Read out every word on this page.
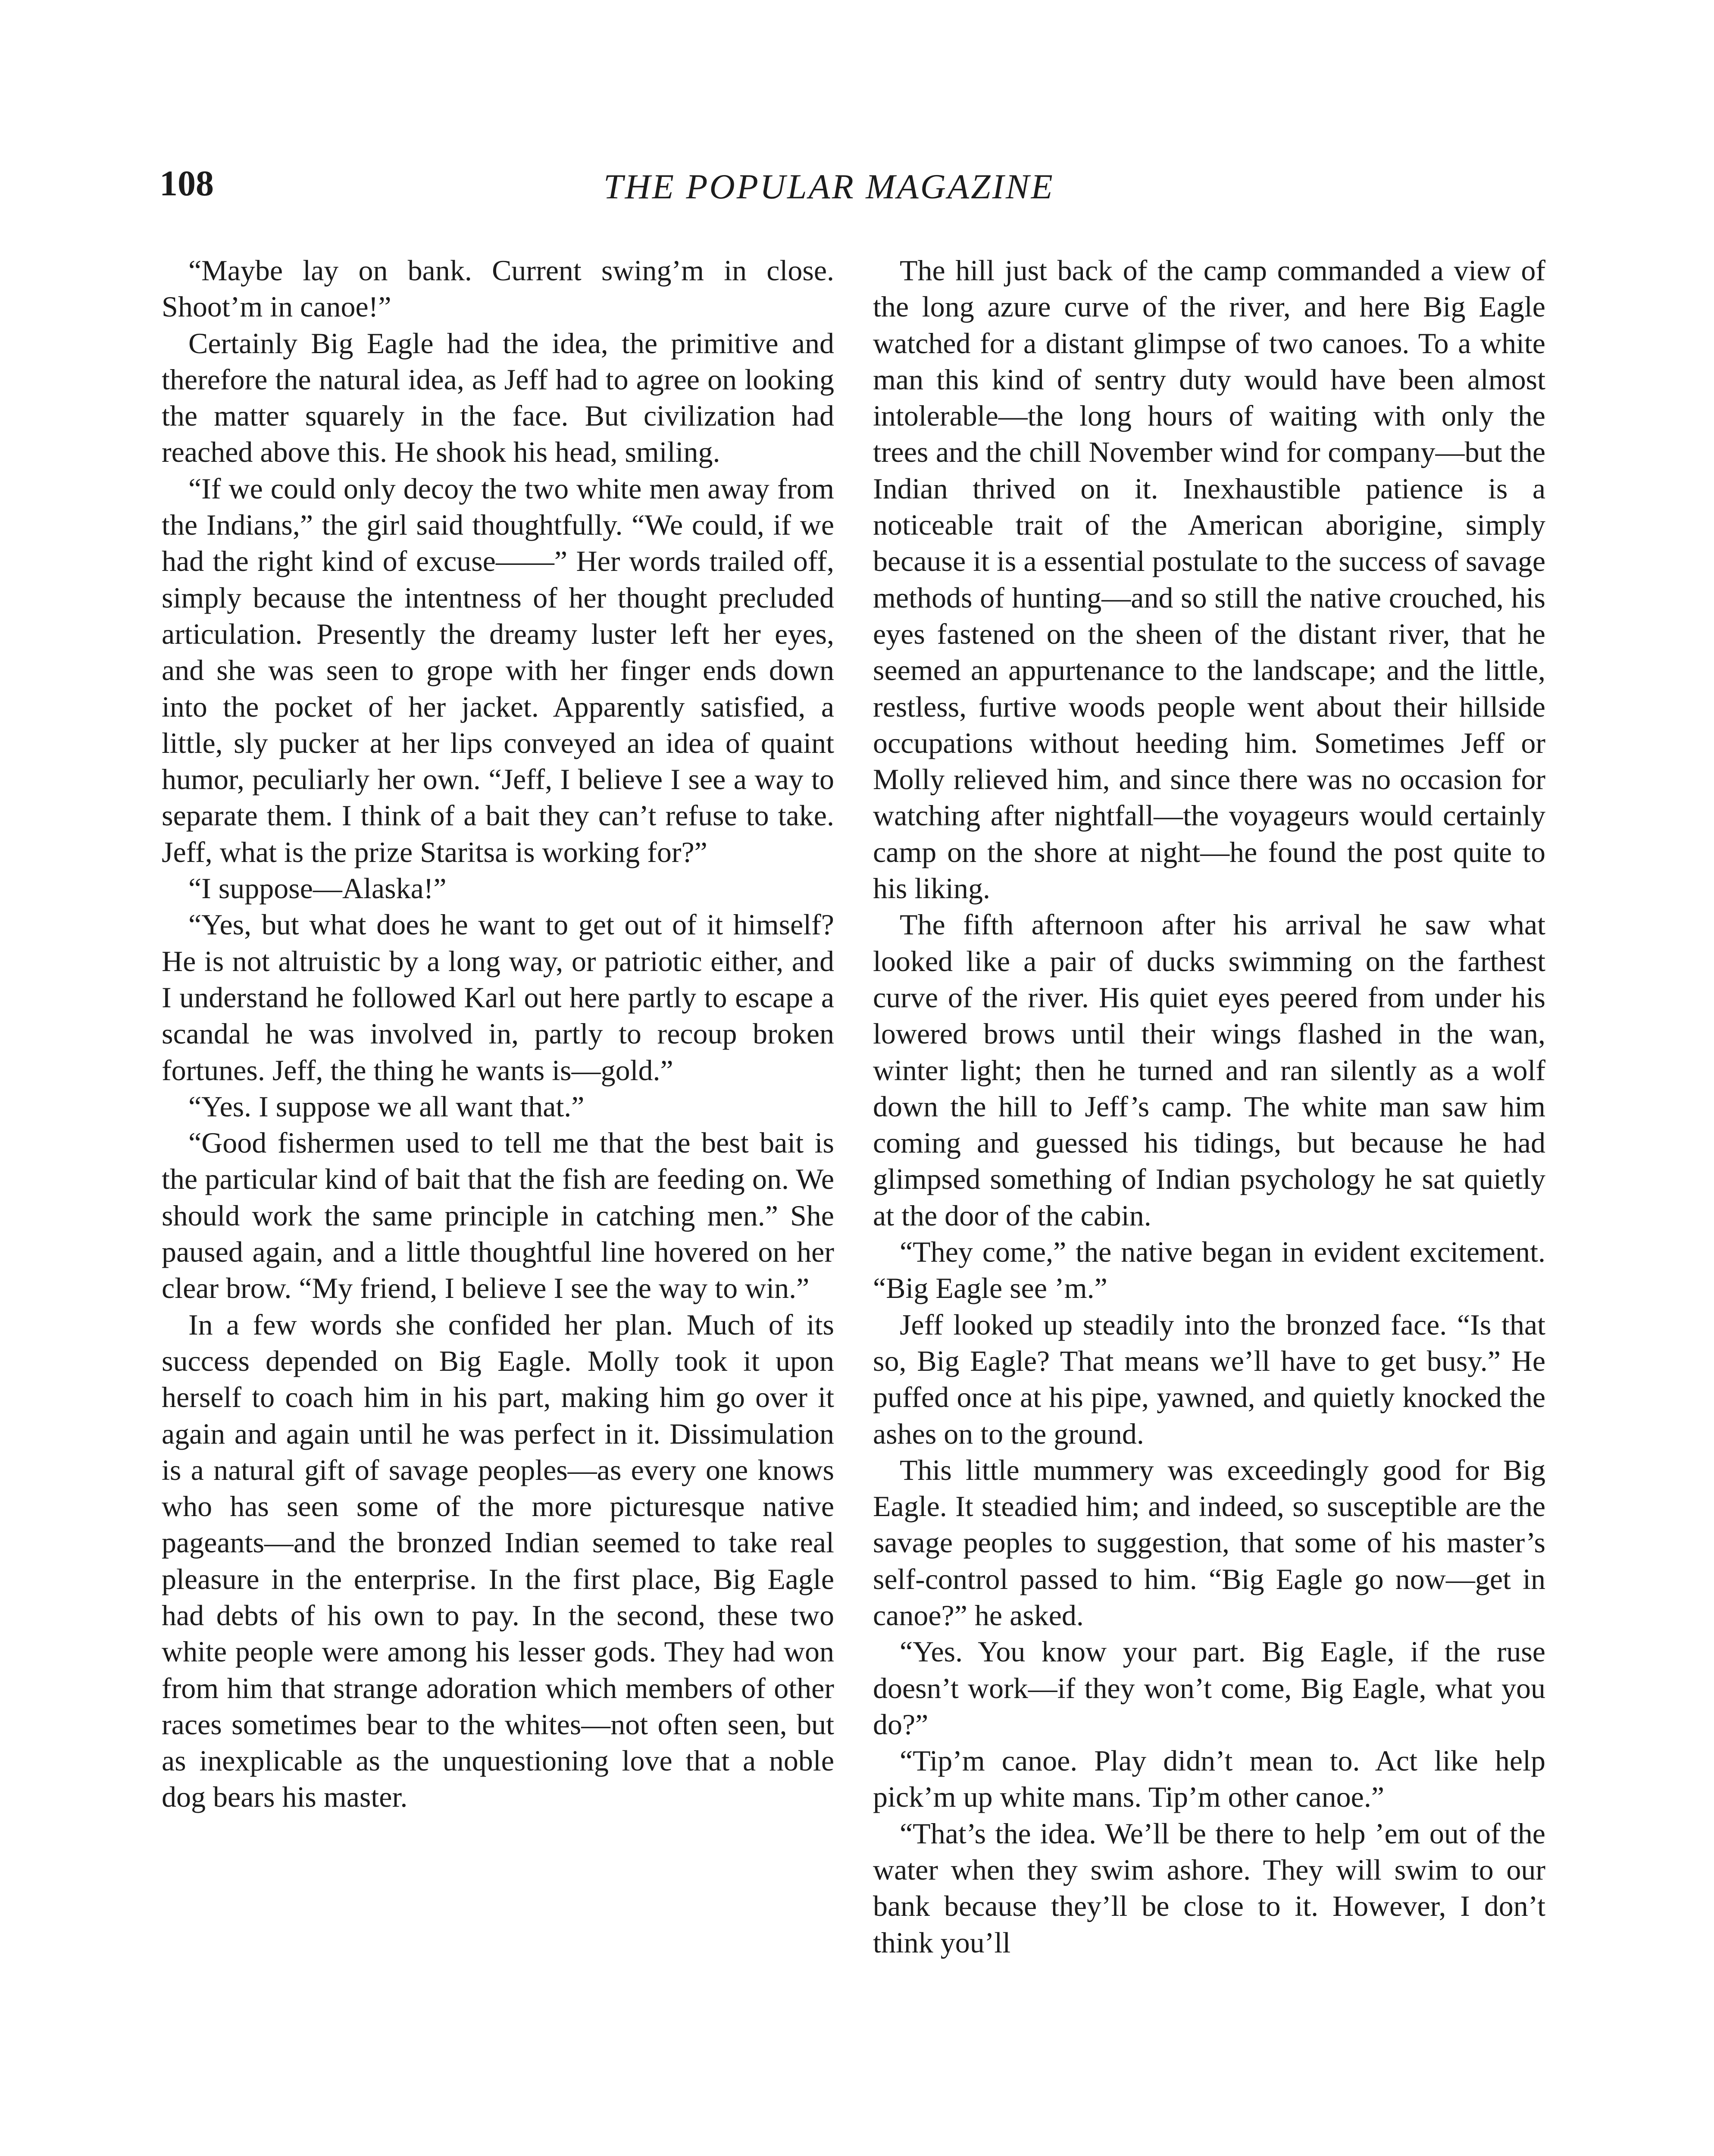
108	THE POPULAR MAGAZINE

“Maybe lay on bank. Current swing’m in close. Shoot’m in canoe!”

Certainly Big Eagle had the idea, the primitive and therefore the natural idea, as Jeff had to agree on looking the matter squarely in the face. But civilization had reached above this. He shook his head, smiling.

“If we could only decoy the two white men away from the Indians,” the girl said thoughtfully. “We could, if we had the right kind of excuse——” Her words trailed off, simply because the intentness of her thought precluded articulation. Presently the dreamy luster left her eyes, and she was seen to grope with her finger ends down into the pocket of her jacket. Apparently satisfied, a little, sly pucker at her lips conveyed an idea of quaint humor, peculiarly her own. “Jeff, I believe I see a way to separate them. I think of a bait they can’t refuse to take. Jeff, what is the prize Staritsa is working for?”

“I suppose—Alaska!”

“Yes, but what does he want to get out of it himself? He is not altruistic by a long way, or patriotic either, and I understand he followed Karl out here partly to escape a scandal he was involved in, partly to recoup broken fortunes. Jeff, the thing he wants is—gold.”

“Yes. I suppose we all want that.”

“Good fishermen used to tell me that the best bait is the particular kind of bait that the fish are feeding on. We should work the same principle in catching men.” She paused again, and a little thoughtful line hovered on her clear brow. “My friend, I believe I see the way to win.”

In a few words she confided her plan. Much of its success depended on Big Eagle. Molly took it upon herself to coach him in his part, making him go over it again and again until he was perfect in it. Dissimulation is a natural gift of savage peoples—as every one knows who has seen some of the more picturesque native pageants—and the bronzed Indian seemed to take real pleasure in the enterprise. In the first place, Big Eagle had debts of his own to pay. In the second, these two white people were among his lesser gods. They had won from him that strange adoration which members of other races sometimes bear to the whites—not often seen, but as inexplicable as the unquestioning love that a noble dog bears his master.

The hill just back of the camp commanded a view of the long azure curve of the river, and here Big Eagle watched for a distant glimpse of two canoes. To a white man this kind of sentry duty would have been almost intolerable—the long hours of waiting with only the trees and the chill November wind for company—but the Indian thrived on it. Inexhaustible patience is a noticeable trait of the American aborigine, simply because it is a essential postulate to the success of savage methods of hunting—and so still the native crouched, his eyes fastened on the sheen of the distant river, that he seemed an appurtenance to the landscape; and the little, restless, furtive woods people went about their hillside occupations without heeding him. Sometimes Jeff or Molly relieved him, and since there was no occasion for watching after nightfall—the voyageurs would certainly camp on the shore at night—he found the post quite to his liking.

The fifth afternoon after his arrival he saw what looked like a pair of ducks swimming on the farthest curve of the river. His quiet eyes peered from under his lowered brows until their wings flashed in the wan, winter light; then he turned and ran silently as a wolf down the hill to Jeff’s camp. The white man saw him coming and guessed his tidings, but because he had glimpsed something of Indian psychology he sat quietly at the door of the cabin.

“They come,” the native began in evident excitement. “Big Eagle see ’m.”

Jeff looked up steadily into the bronzed face. “Is that so, Big Eagle? That means we’ll have to get busy.” He puffed once at his pipe, yawned, and quietly knocked the ashes on to the ground.

This little mummery was exceedingly good for Big Eagle. It steadied him; and indeed, so susceptible are the savage peoples to suggestion, that some of his master’s self-control passed to him. “Big Eagle go now—get in canoe?” he asked.

“Yes. You know your part. Big Eagle, if the ruse doesn’t work—if they won’t come, Big Eagle, what you do?”

“Tip’m canoe. Play didn’t mean to. Act like help pick’m up white mans. Tip’m other canoe.”

“That’s the idea. We’ll be there to help ’em out of the water when they swim ashore. They will swim to our bank because they’ll be close to it. However, I don’t think you’ll
